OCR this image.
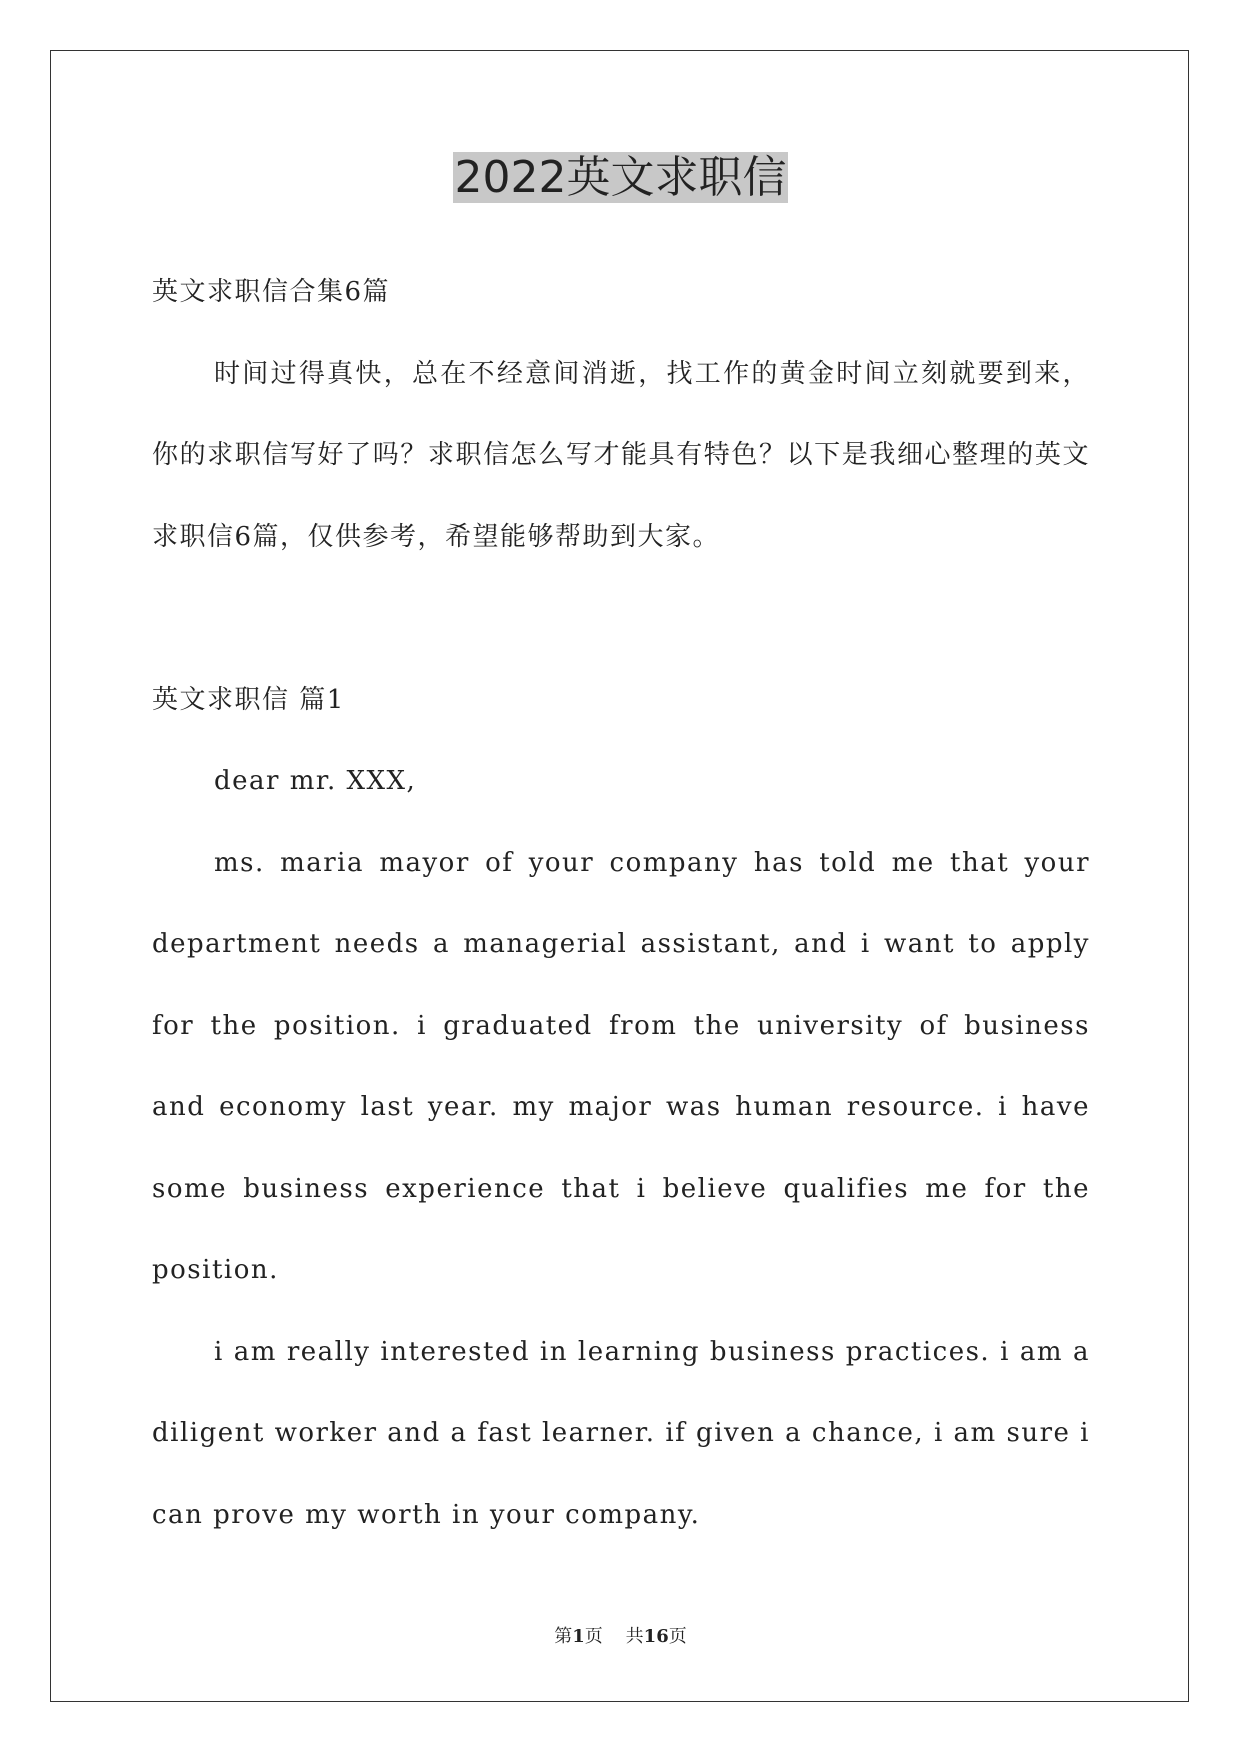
2022英文求职信

英文求职信合集6篇

时间过得真快，总在不经意间消逝，找工作的黄金时间立刻就要到来，你的求职信写好了吗？求职信怎么写才能具有特色？以下是我细心整理的英文求职信6篇，仅供参考，希望能够帮助到大家。

英文求职信 篇1

dear mr. XXX,

ms. maria mayor of your company has told me that your department needs a managerial assistant, and i want to apply for the position. i graduated from the university of business and economy last year. my major was human resource. i have some business experience that i believe qualifies me for the position.

i am really interested in learning business practices. i am a diligent worker and a fast learner. if given a chance, i am sure i can prove my worth in your company.

第1页 共16页
